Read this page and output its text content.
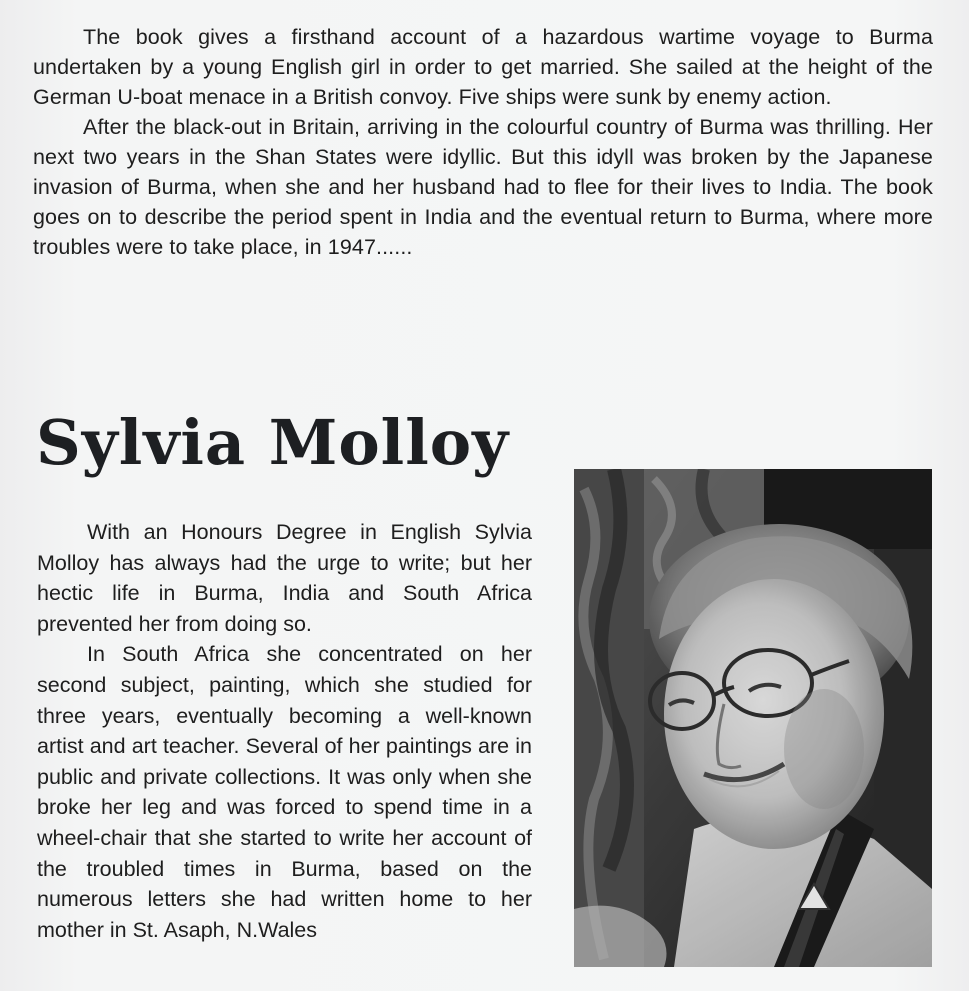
The book gives a firsthand account of a hazardous wartime voyage to Burma undertaken by a young English girl in order to get married. She sailed at the height of the German U-boat menace in a British convoy. Five ships were sunk by enemy action.

After the black-out in Britain, arriving in the colourful country of Burma was thrilling. Her next two years in the Shan States were idyllic. But this idyll was broken by the Japanese invasion of Burma, when she and her husband had to flee for their lives to India. The book goes on to describe the period spent in India and the eventual return to Burma, where more troubles were to take place, in 1947......

Sylvia Molloy

With an Honours Degree in English Sylvia Molloy has always had the urge to write; but her hectic life in Burma, India and South Africa prevented her from doing so.

In South Africa she concentrated on her second subject, painting, which she studied for three years, eventually becoming a well-known artist and art teacher. Several of her paintings are in public and private collections. It was only when she broke her leg and was forced to spend time in a wheel-chair that she started to write her account of the troubled times in Burma, based on the numerous letters she had written home to her mother in St. Asaph, N.Wales
